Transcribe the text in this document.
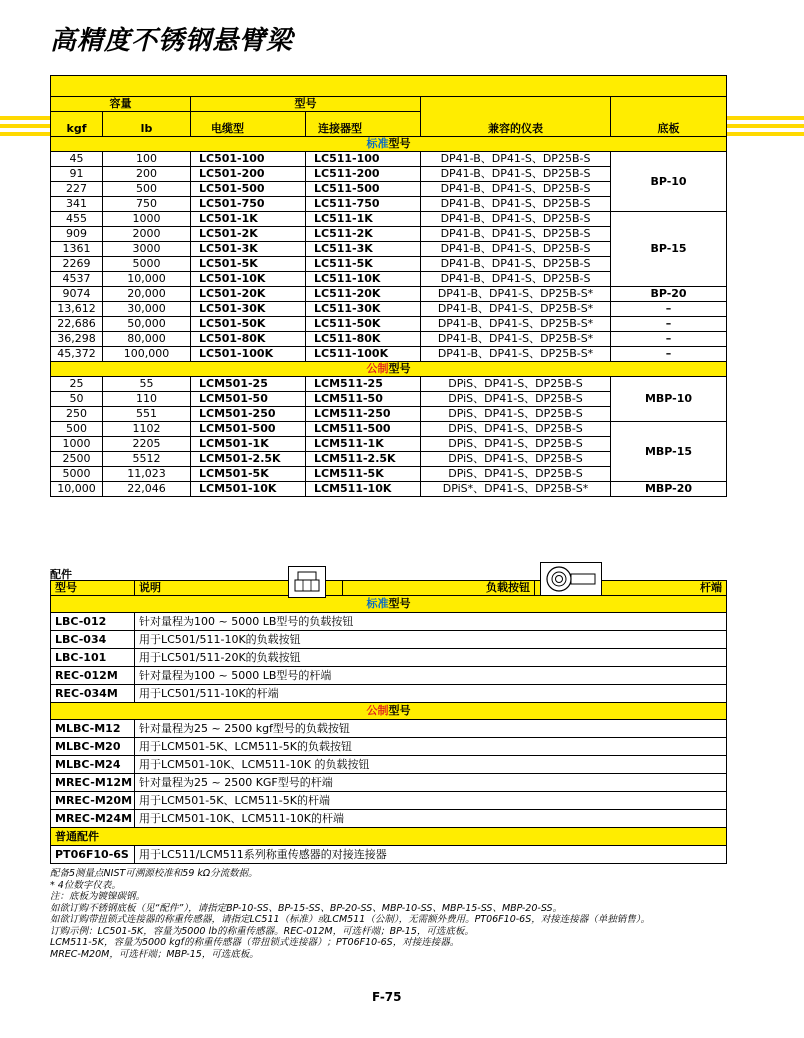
高精度不锈钢悬臂梁

容量		型号		兼容的仪表	底板
kgf	lb	电缆型	连接器型		
标准型号					
45	100	LC501-100	LC511-100	DP41-B、DP41-S、DP25B-S	BP-10
91	200	LC501-200	LC511-200	DP41-B、DP41-S、DP25B-S	
227	500	LC501-500	LC511-500	DP41-B、DP41-S、DP25B-S	
341	750	LC501-750	LC511-750	DP41-B、DP41-S、DP25B-S	
455	1000	LC501-1K	LC511-1K	DP41-B、DP41-S、DP25B-S	BP-15
909	2000	LC501-2K	LC511-2K	DP41-B、DP41-S、DP25B-S	
1361	3000	LC501-3K	LC511-3K	DP41-B、DP41-S、DP25B-S	
2269	5000	LC501-5K	LC511-5K	DP41-B、DP41-S、DP25B-S	
4537	10,000	LC501-10K	LC511-10K	DP41-B、DP41-S、DP25B-S	
9074	20,000	LC501-20K	LC511-20K	DP41-B、DP41-S、DP25B-S*	BP-20
13,612	30,000	LC501-30K	LC511-30K	DP41-B、DP41-S、DP25B-S*	–
22,686	50,000	LC501-50K	LC511-50K	DP41-B、DP41-S、DP25B-S*	–
36,298	80,000	LC501-80K	LC511-80K	DP41-B、DP41-S、DP25B-S*	–
45,372	100,000	LC501-100K	LC511-100K	DP41-B、DP41-S、DP25B-S*	–
公制型号					
25	55	LCM501-25	LCM511-25	DPiS、DP41-S、DP25B-S	MBP-10
50	110	LCM501-50	LCM511-50	DPiS、DP41-S、DP25B-S	
250	551	LCM501-250	LCM511-250	DPiS、DP41-S、DP25B-S	
500	1102	LCM501-500	LCM511-500	DPiS、DP41-S、DP25B-S	MBP-15
1000	2205	LCM501-1K	LCM511-1K	DPiS、DP41-S、DP25B-S	
2500	5512	LCM501-2.5K	LCM511-2.5K	DPiS、DP41-S、DP25B-S	
5000	11,023	LCM501-5K	LCM511-5K	DPiS、DP41-S、DP25B-S	
10,000	22,046	LCM501-10K	LCM511-10K	DPiS*、DP41-S、DP25B-S*	MBP-20
配件
型号	说明	负载按钮	杆端
标准型号			
LBC-012	针对量程为100 ~ 5000 LB型号的负载按钮		
LBC-034	用于LC501/511-10K的负载按钮		
LBC-101	用于LC501/511-20K的负载按钮		
REC-012M	针对量程为100 ~ 5000 LB型号的杆端		
REC-034M	用于LC501/511-10K的杆端		
公制型号			
MLBC-M12	针对量程为25 ~ 2500 kgf型号的负载按钮		
MLBC-M20	用于LCM501-5K、LCM511-5K的负载按钮		
MLBC-M24	用于LCM501-10K、LCM511-10K 的负载按钮		
MREC-M12M	针对量程为25 ~ 2500 KGF型号的杆端		
MREC-M20M	用于LCM501-5K、LCM511-5K的杆端		
MREC-M24M	用于LCM501-10K、LCM511-10K的杆端		
普通配件			
PT06F10-6S	用于LC511/LCM511系列称重传感器的对接连接器		
配备5测量点NIST可溯源校准和59 kΩ分流数据。
* 4位数字仪表。
注：底板为镀镍碳钢。
如欲订购不锈钢底板（见“配件”），请指定BP-10-SS、BP-15-SS、BP-20-SS、MBP-10-SS、MBP-15-SS、MBP-20-SS。
如欲订购带扭锁式连接器的称重传感器，请指定LC511（标准）或LCM511（公制），无需额外费用。PT06F10-6S，对接连接器（单独销售）。
订购示例：LC501-5K，容量为5000 lb的称重传感器。REC-012M，可选杆端；BP-15，可选底板。
LCM511-5K，容量为5000 kgf的称重传感器（带扭锁式连接器）；PT06F10-6S，对接连接器。
MREC-M20M，可选杆端；MBP-15，可选底板。
F-75
